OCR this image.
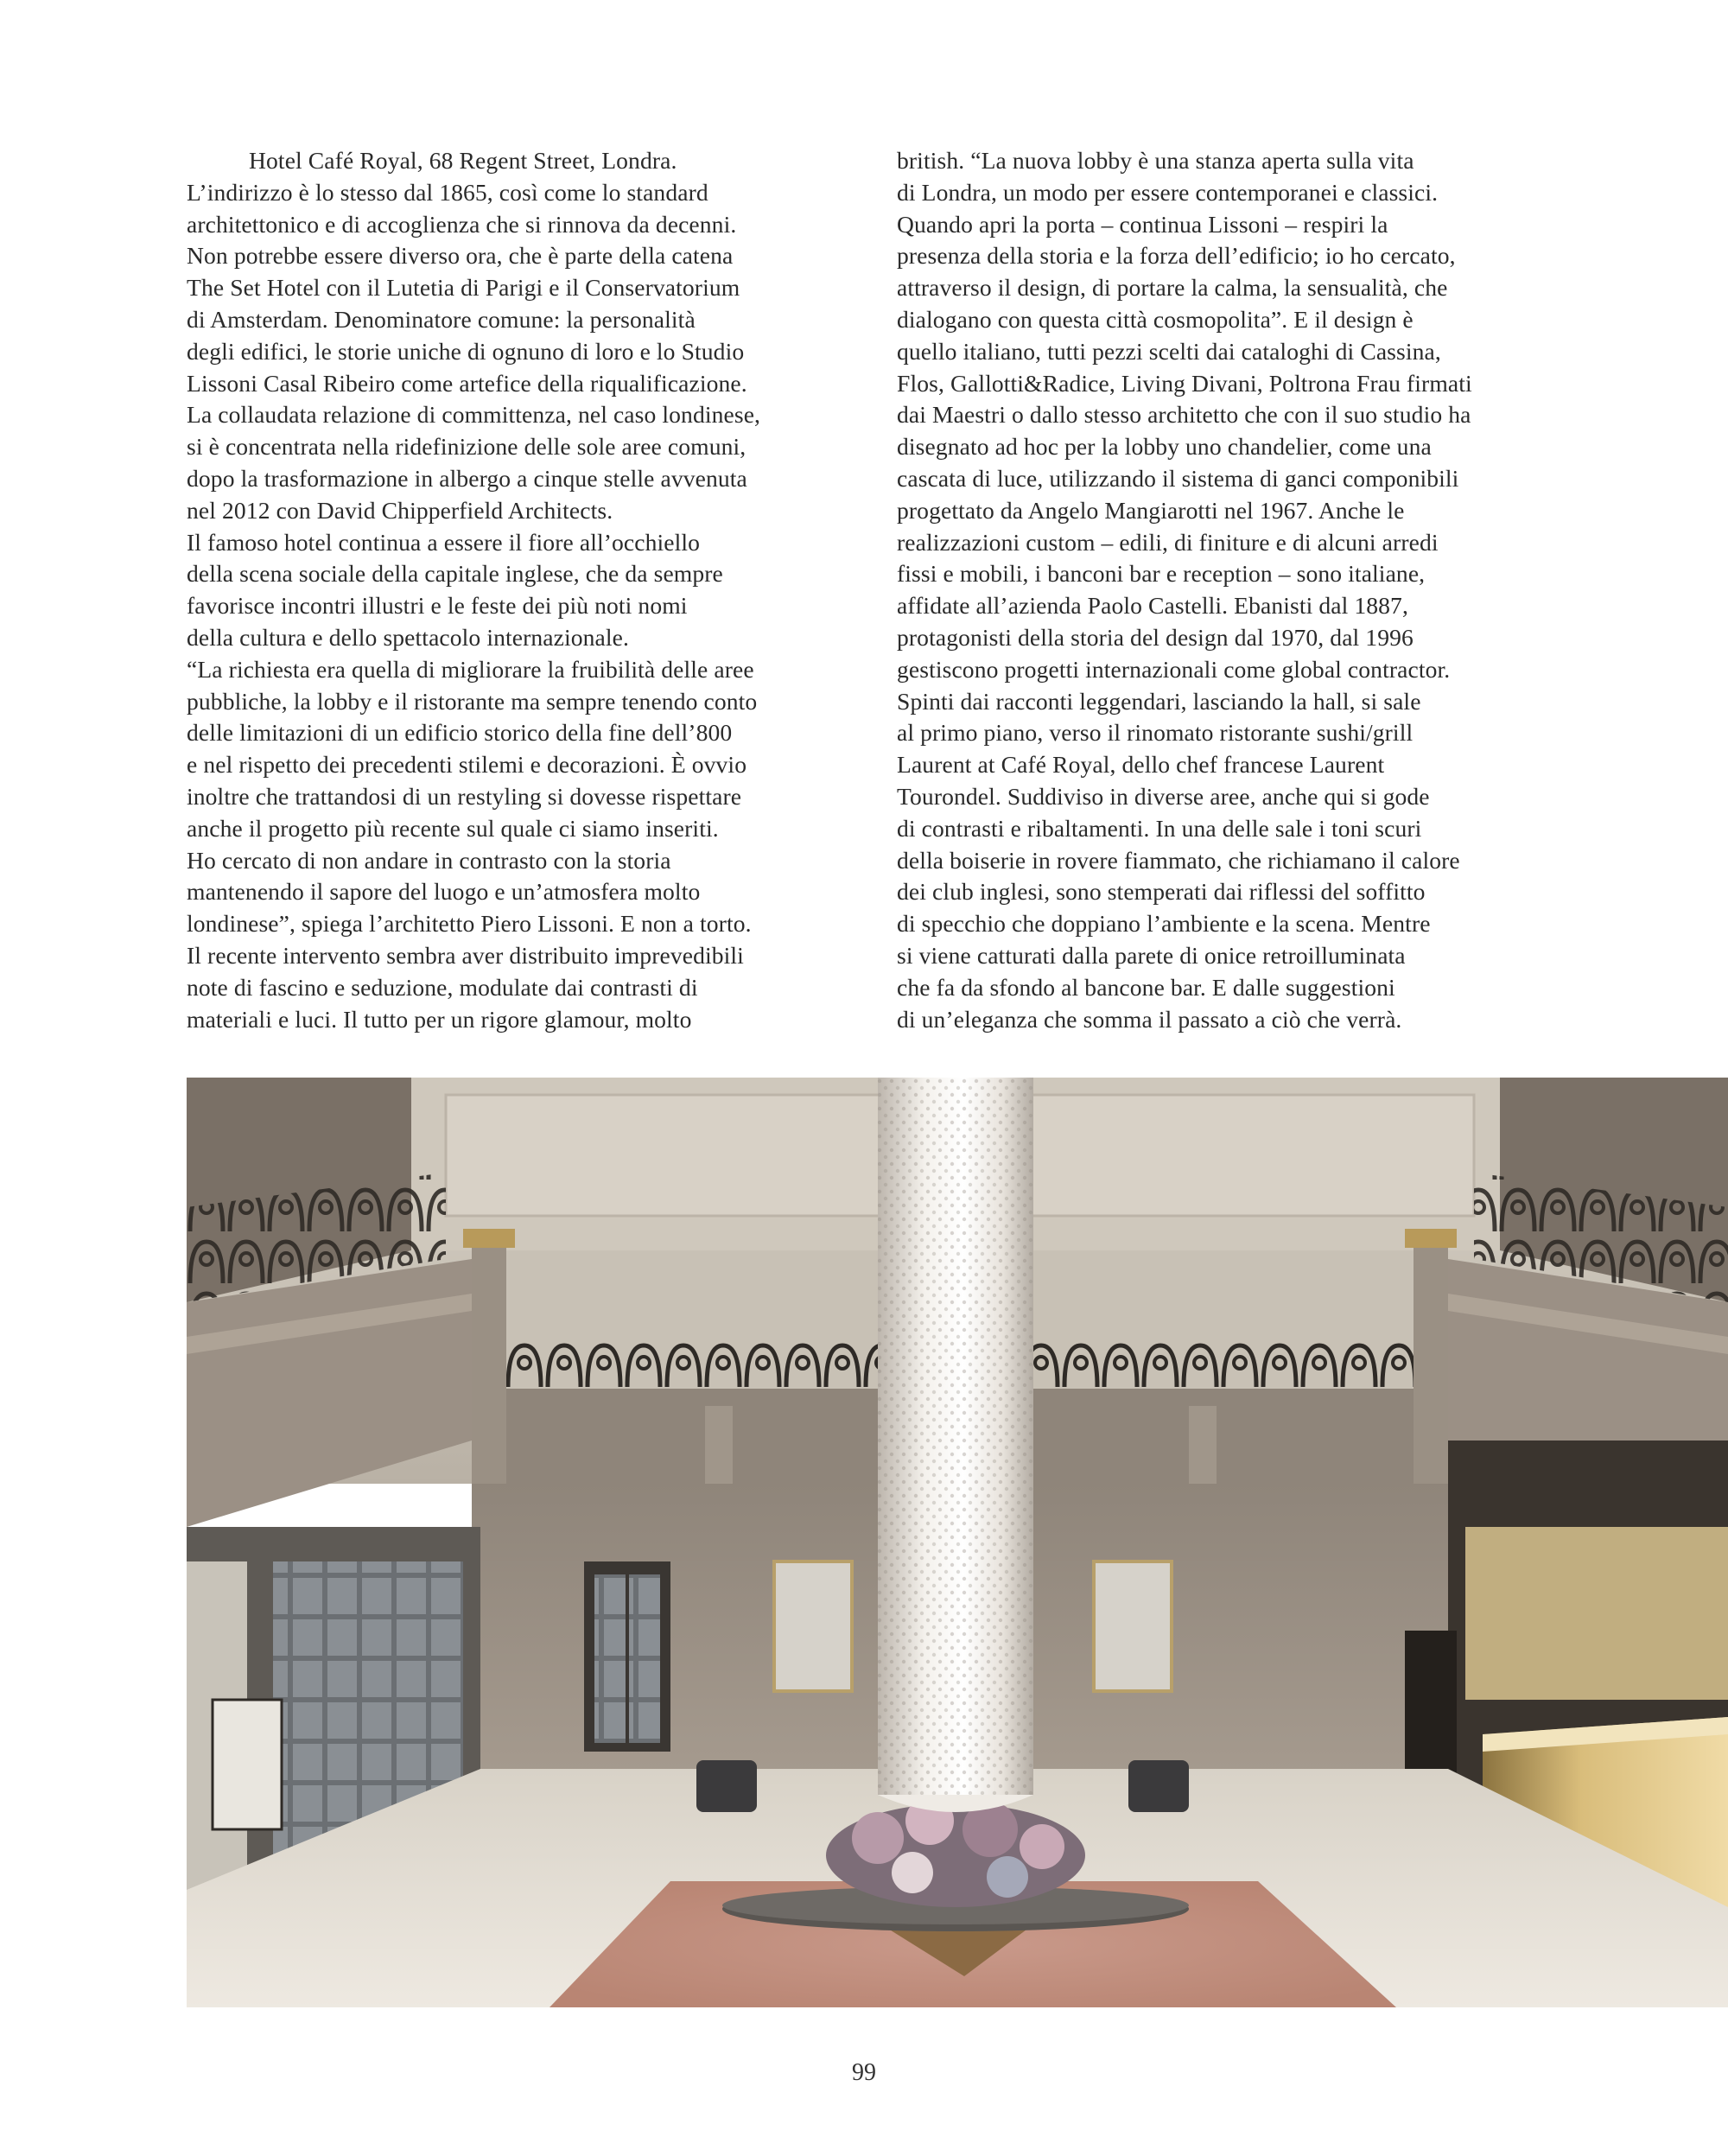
Hotel Café Royal, 68 Regent Street, Londra.
L’indirizzo è lo stesso dal 1865, così come lo standard
architettonico e di accoglienza che si rinnova da decenni.
Non potrebbe essere diverso ora, che è parte della catena
The Set Hotel con il Lutetia di Parigi e il Conservatorium
di Amsterdam. Denominatore comune: la personalità
degli edifici, le storie uniche di ognuno di loro e lo Studio
Lissoni Casal Ribeiro come artefice della riqualificazione.
La collaudata relazione di committenza, nel caso londinese,
si è concentrata nella ridefinizione delle sole aree comuni,
dopo la trasformazione in albergo a cinque stelle avvenuta
nel 2012 con David Chipperfield Architects.
Il famoso hotel continua a essere il fiore all’occhiello
della scena sociale della capitale inglese, che da sempre
favorisce incontri illustri e le feste dei più noti nomi
della cultura e dello spettacolo internazionale.
“La richiesta era quella di migliorare la fruibilità delle aree
pubbliche, la lobby e il ristorante ma sempre tenendo conto
delle limitazioni di un edificio storico della fine dell’800
e nel rispetto dei precedenti stilemi e decorazioni. È ovvio
inoltre che trattandosi di un restyling si dovesse rispettare
anche il progetto più recente sul quale ci siamo inseriti.
Ho cercato di non andare in contrasto con la storia
mantenendo il sapore del luogo e un’atmosfera molto
londinese”, spiega l’architetto Piero Lissoni. E non a torto.
Il recente intervento sembra aver distribuito imprevedibili
note di fascino e seduzione, modulate dai contrasti di
materiali e luci. Il tutto per un rigore glamour, molto
british. “La nuova lobby è una stanza aperta sulla vita
di Londra, un modo per essere contemporanei e classici.
Quando apri la porta – continua Lissoni – respiri la
presenza della storia e la forza dell’edificio; io ho cercato,
attraverso il design, di portare la calma, la sensualità, che
dialogano con questa città cosmopolita”. E il design è
quello italiano, tutti pezzi scelti dai cataloghi di Cassina,
Flos, Gallotti&Radice, Living Divani, Poltrona Frau firmati
dai Maestri o dallo stesso architetto che con il suo studio ha
disegnato ad hoc per la lobby uno chandelier, come una
cascata di luce, utilizzando il sistema di ganci componibili
progettato da Angelo Mangiarotti nel 1967. Anche le
realizzazioni custom – edili, di finiture e di alcuni arredi
fissi e mobili, i banconi bar e reception – sono italiane,
affidate all’azienda Paolo Castelli. Ebanisti dal 1887,
protagonisti della storia del design dal 1970, dal 1996
gestiscono progetti internazionali come global contractor.
Spinti dai racconti leggendari, lasciando la hall, si sale
al primo piano, verso il rinomato ristorante sushi/grill
Laurent at Café Royal, dello chef francese Laurent
Tourondel. Suddiviso in diverse aree, anche qui si gode
di contrasti e ribaltamenti. In una delle sale i toni scuri
della boiserie in rovere fiammato, che richiamano il calore
dei club inglesi, sono stemperati dai riflessi del soffitto
di specchio che doppiano l’ambiente e la scena. Mentre
si viene catturati dalla parete di onice retroilluminata
che fa da sfondo al bancone bar. E dalle suggestioni
di un’eleganza che somma il passato a ciò che verrà.
99
